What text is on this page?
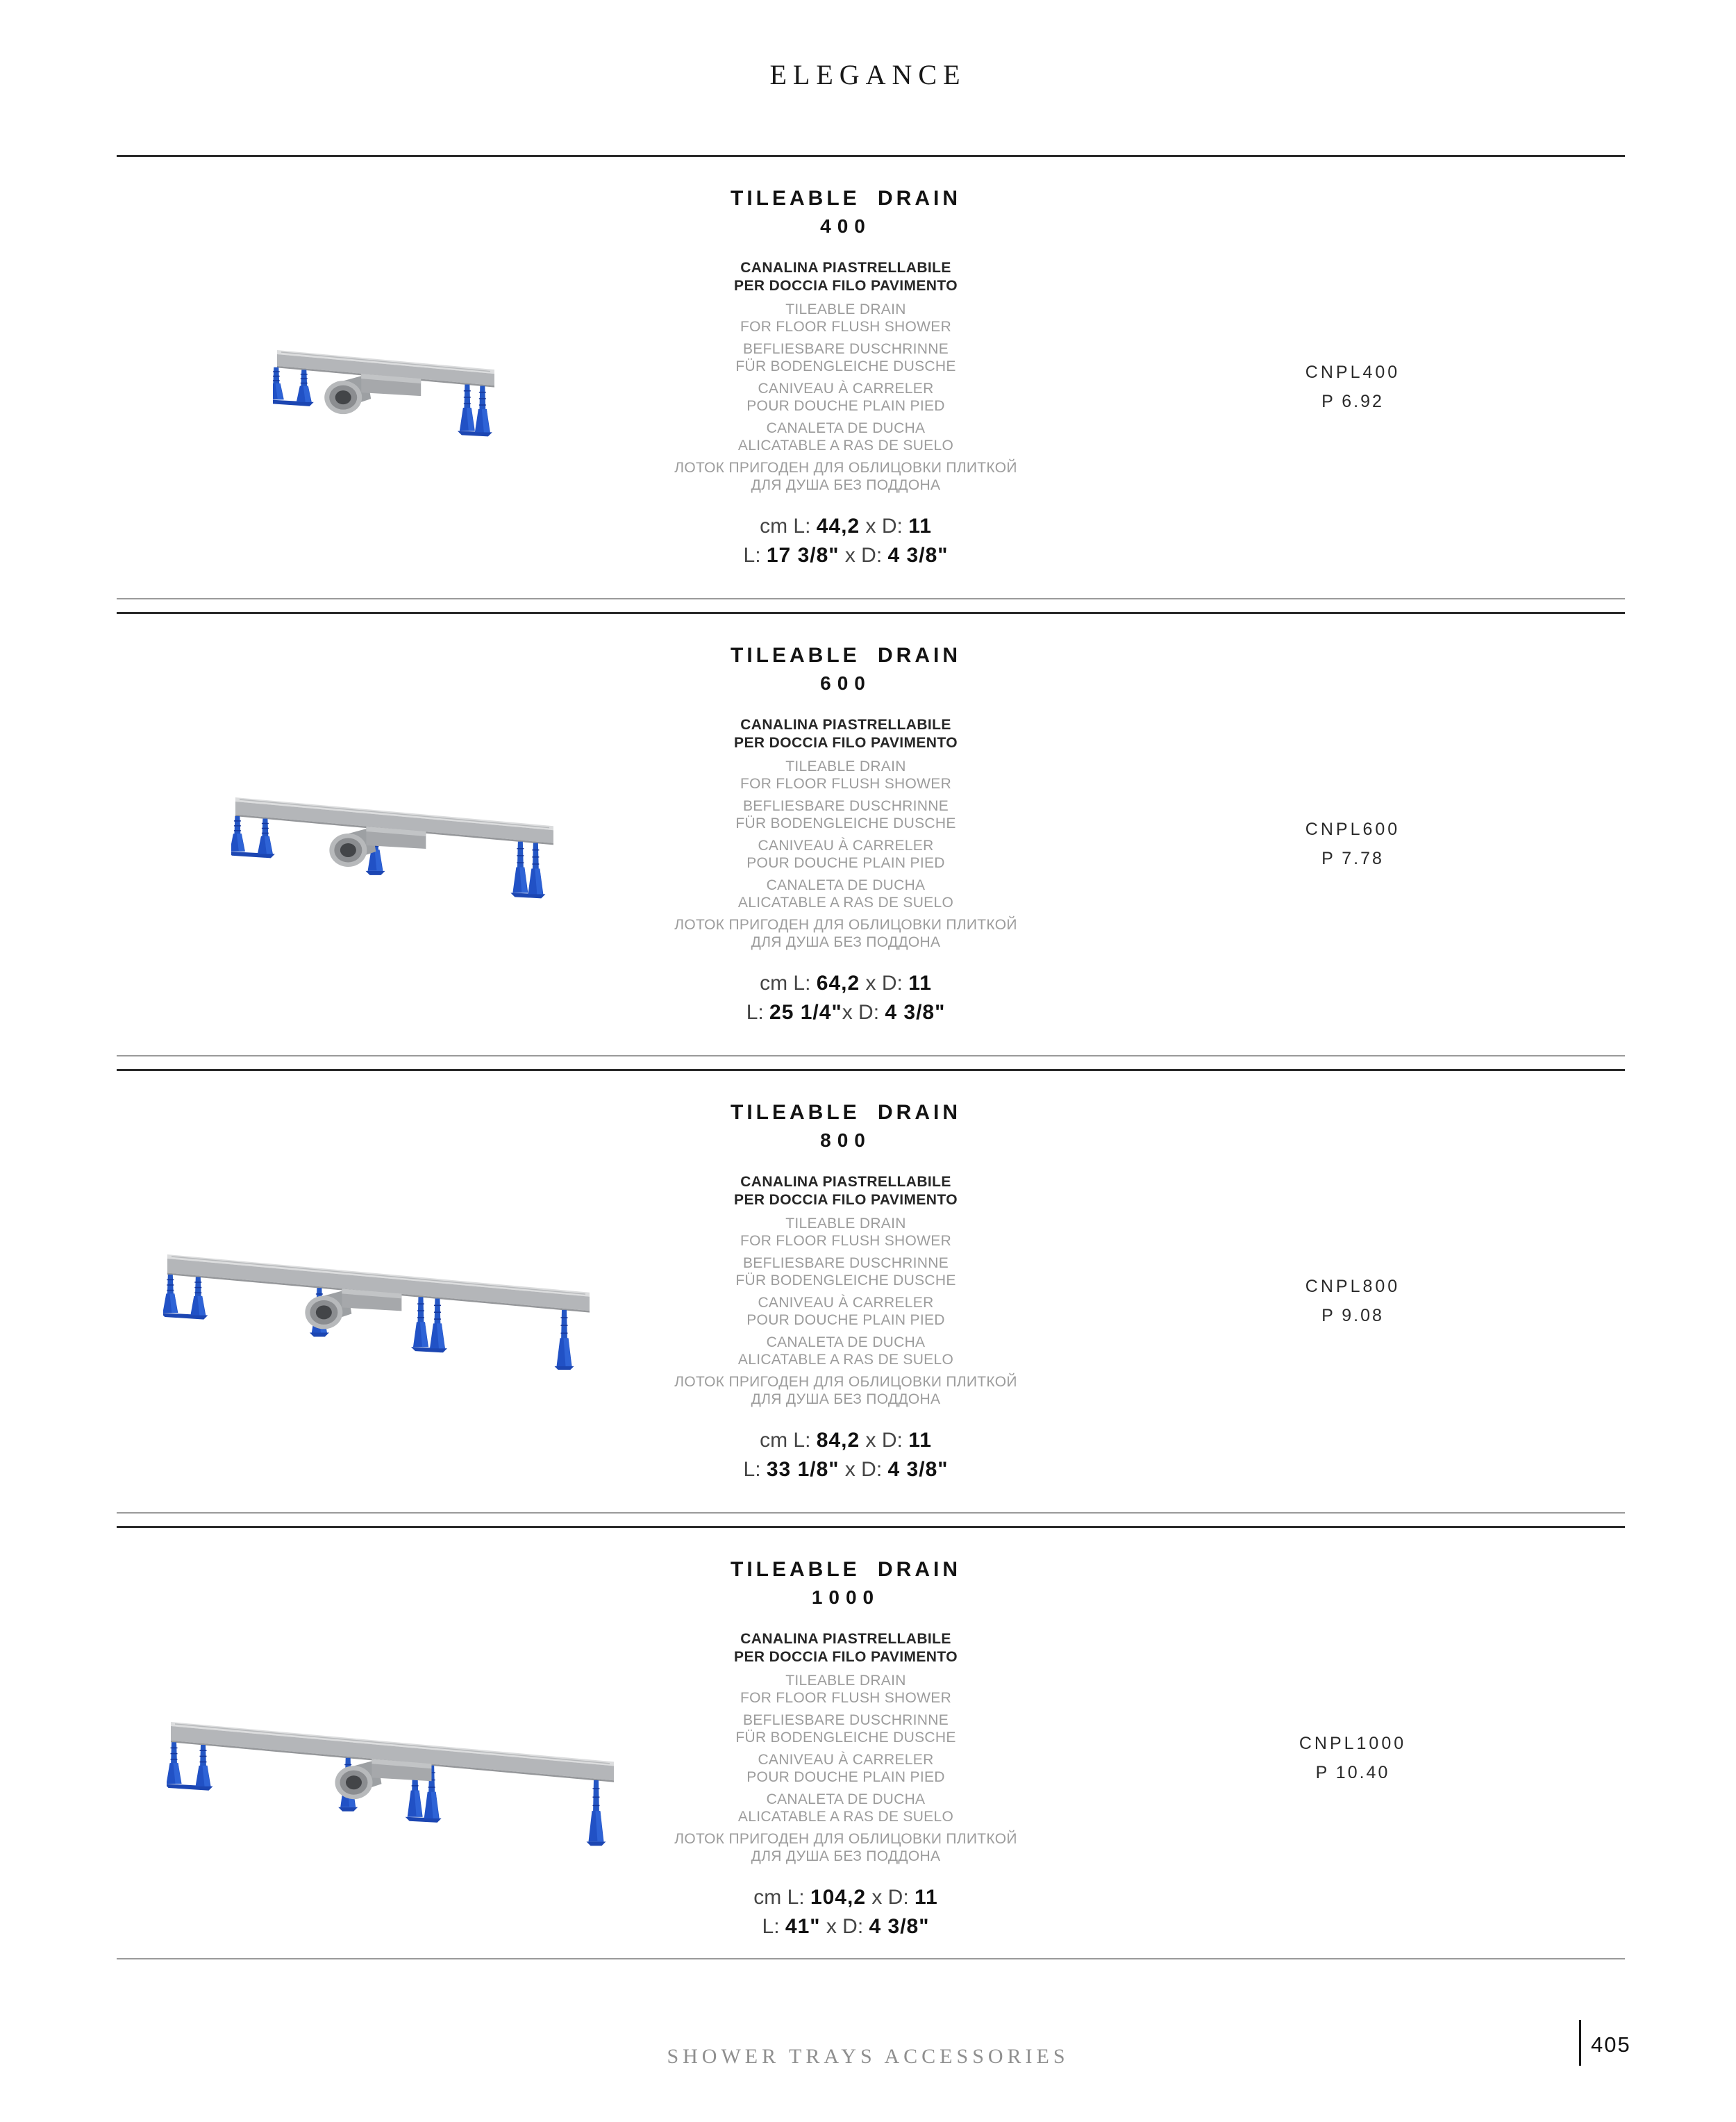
ELEGANCE
TILEABLE DRAIN
400

CANALINA PIASTRELLABILE
PER DOCCIA FILO PAVIMENTO

TILEABLE DRAIN
FOR FLOOR FLUSH SHOWER

BEFLIESBARE DUSCHRINNE
FÜR BODENGLEICHE DUSCHE

CANIVEAU À CARRELER
POUR DOUCHE PLAIN PIED

CANALETA DE DUCHA
ALICATABLE A RAS DE SUELO

ЛОТОК ПРИГОДЕН ДЛЯ ОБЛИЦОВКИ ПЛИТКОЙ
ДЛЯ ДУША БЕЗ ПОДДОНА

cm L: 44,2 x D: 11
L: 17 3/8" x D: 4 3/8"
CNPL400
P 6.92
TILEABLE DRAIN
600

CANALINA PIASTRELLABILE
PER DOCCIA FILO PAVIMENTO

TILEABLE DRAIN
FOR FLOOR FLUSH SHOWER

BEFLIESBARE DUSCHRINNE
FÜR BODENGLEICHE DUSCHE

CANIVEAU À CARRELER
POUR DOUCHE PLAIN PIED

CANALETA DE DUCHA
ALICATABLE A RAS DE SUELO

ЛОТОК ПРИГОДЕН ДЛЯ ОБЛИЦОВКИ ПЛИТКОЙ
ДЛЯ ДУША БЕЗ ПОДДОНА

cm L: 64,2 x D: 11
L: 25 1/4"x D: 4 3/8"
CNPL600
P 7.78
TILEABLE DRAIN
800

CANALINA PIASTRELLABILE
PER DOCCIA FILO PAVIMENTO

TILEABLE DRAIN
FOR FLOOR FLUSH SHOWER

BEFLIESBARE DUSCHRINNE
FÜR BODENGLEICHE DUSCHE

CANIVEAU À CARRELER
POUR DOUCHE PLAIN PIED

CANALETA DE DUCHA
ALICATABLE A RAS DE SUELO

ЛОТОК ПРИГОДЕН ДЛЯ ОБЛИЦОВКИ ПЛИТКОЙ
ДЛЯ ДУША БЕЗ ПОДДОНА

cm L: 84,2 x D: 11
L: 33 1/8" x D: 4 3/8"
CNPL800
P 9.08
TILEABLE DRAIN
1000

CANALINA PIASTRELLABILE
PER DOCCIA FILO PAVIMENTO

TILEABLE DRAIN
FOR FLOOR FLUSH SHOWER

BEFLIESBARE DUSCHRINNE
FÜR BODENGLEICHE DUSCHE

CANIVEAU À CARRELER
POUR DOUCHE PLAIN PIED

CANALETA DE DUCHA
ALICATABLE A RAS DE SUELO

ЛОТОК ПРИГОДЕН ДЛЯ ОБЛИЦОВКИ ПЛИТКОЙ
ДЛЯ ДУША БЕЗ ПОДДОНА

cm L: 104,2 x D: 11
L: 41" x D: 4 3/8"
CNPL1000
P 10.40
SHOWER TRAYS ACCESSORIES	405
